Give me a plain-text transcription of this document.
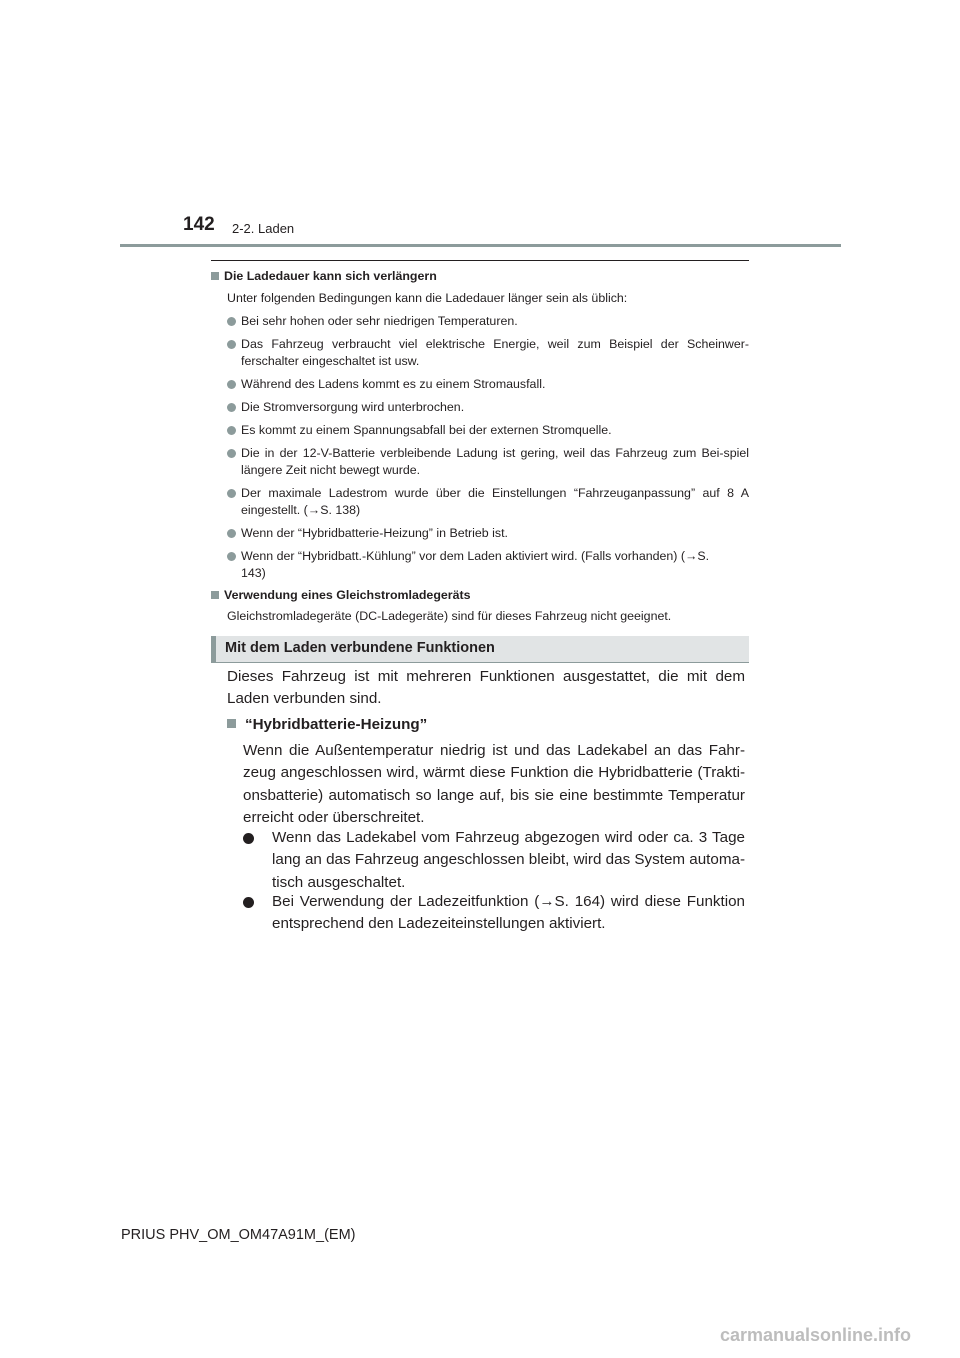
142 2-2. Laden
Die Ladedauer kann sich verlängern
Unter folgenden Bedingungen kann die Ladedauer länger sein als üblich:
Bei sehr hohen oder sehr niedrigen Temperaturen.
Das Fahrzeug verbraucht viel elektrische Energie, weil zum Beispiel der Scheinwer-ferschalter eingeschaltet ist usw.
Während des Ladens kommt es zu einem Stromausfall.
Die Stromversorgung wird unterbrochen.
Es kommt zu einem Spannungsabfall bei der externen Stromquelle.
Die in der 12-V-Batterie verbleibende Ladung ist gering, weil das Fahrzeug zum Bei-spiel längere Zeit nicht bewegt wurde.
Der maximale Ladestrom wurde über die Einstellungen “Fahrzeuganpassung” auf 8 A eingestellt. (→S. 138)
Wenn der “Hybridbatterie-Heizung” in Betrieb ist.
Wenn der “Hybridbatt.-Kühlung” vor dem Laden aktiviert wird. (Falls vorhanden) (→S. 143)
Verwendung eines Gleichstromladegeräts
Gleichstromladegeräte (DC-Ladegeräte) sind für dieses Fahrzeug nicht geeignet.
Mit dem Laden verbundene Funktionen
Dieses Fahrzeug ist mit mehreren Funktionen ausgestattet, die mit dem Laden verbunden sind.
“Hybridbatterie-Heizung”
Wenn die Außentemperatur niedrig ist und das Ladekabel an das Fahr-zeug angeschlossen wird, wärmt diese Funktion die Hybridbatterie (Trakti-onsbatterie) automatisch so lange auf, bis sie eine bestimmte Temperatur erreicht oder überschreitet.
Wenn das Ladekabel vom Fahrzeug abgezogen wird oder ca. 3 Tage lang an das Fahrzeug angeschlossen bleibt, wird das System automa-tisch ausgeschaltet.
Bei Verwendung der Ladezeitfunktion (→S. 164) wird diese Funktion entsprechend den Ladezeiteinstellungen aktiviert.
PRIUS PHV_OM_OM47A91M_(EM)
carmanualsonline.info
